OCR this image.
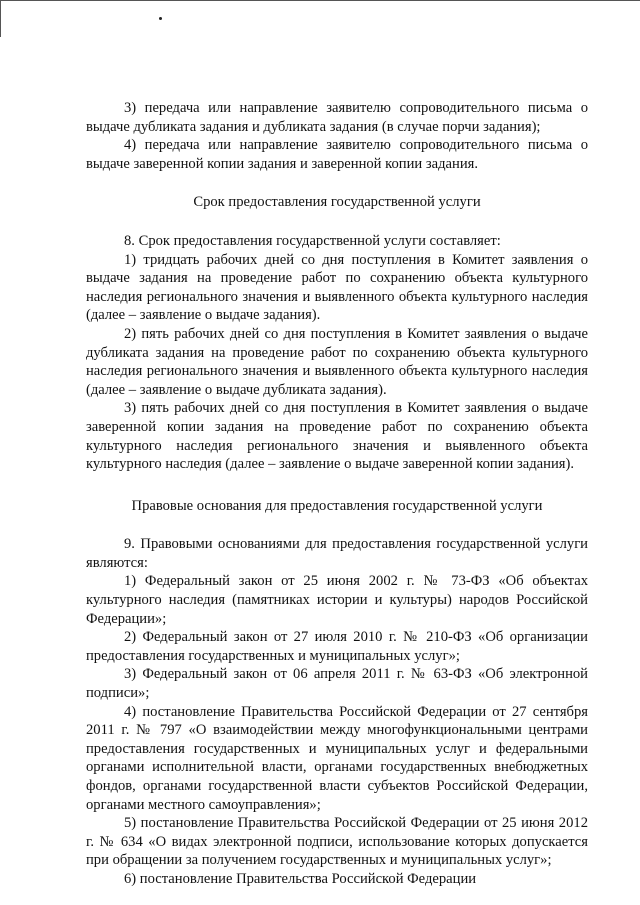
3) передача или направление заявителю сопроводительного письма о выдаче дубликата задания и дубликата задания (в случае порчи задания);

4) передача или направление заявителю сопроводительного письма о выдаче заверенной копии задания и заверенной копии задания.

Срок предоставления государственной услуги

8. Срок предоставления государственной услуги составляет:

1) тридцать рабочих дней со дня поступления в Комитет заявления о выдаче задания на проведение работ по сохранению объекта культурного наследия регионального значения и выявленного объекта культурного наследия (далее – заявление о выдаче задания).

2) пять рабочих дней со дня поступления в Комитет заявления о выдаче дубликата задания на проведение работ по сохранению объекта культурного наследия регионального значения и выявленного объекта культурного наследия (далее – заявление о выдаче дубликата задания).

3) пять рабочих дней со дня поступления в Комитет заявления о выдаче заверенной копии задания на проведение работ по сохранению объекта культурного наследия регионального значения и выявленного объекта культурного наследия (далее – заявление о выдаче заверенной копии задания).

Правовые основания для предоставления государственной услуги

9. Правовыми основаниями для предоставления государственной услуги являются:

1) Федеральный закон от 25 июня 2002 г. № 73-ФЗ «Об объектах культурного наследия (памятниках истории и культуры) народов Российской Федерации»;

2) Федеральный закон от 27 июля 2010 г. № 210-ФЗ «Об организации предоставления государственных и муниципальных услуг»;

3) Федеральный закон от 06 апреля 2011 г. № 63-ФЗ «Об электронной подписи»;

4) постановление Правительства Российской Федерации от 27 сентября 2011 г. № 797 «О взаимодействии между многофункциональными центрами предоставления государственных и муниципальных услуг и федеральными органами исполнительной власти, органами государственных внебюджетных фондов, органами государственной власти субъектов Российской Федерации, органами местного самоуправления»;

5) постановление Правительства Российской Федерации от 25 июня 2012 г. № 634 «О видах электронной подписи, использование которых допускается при обращении за получением государственных и муниципальных услуг»;

6) постановление Правительства Российской Федерации
